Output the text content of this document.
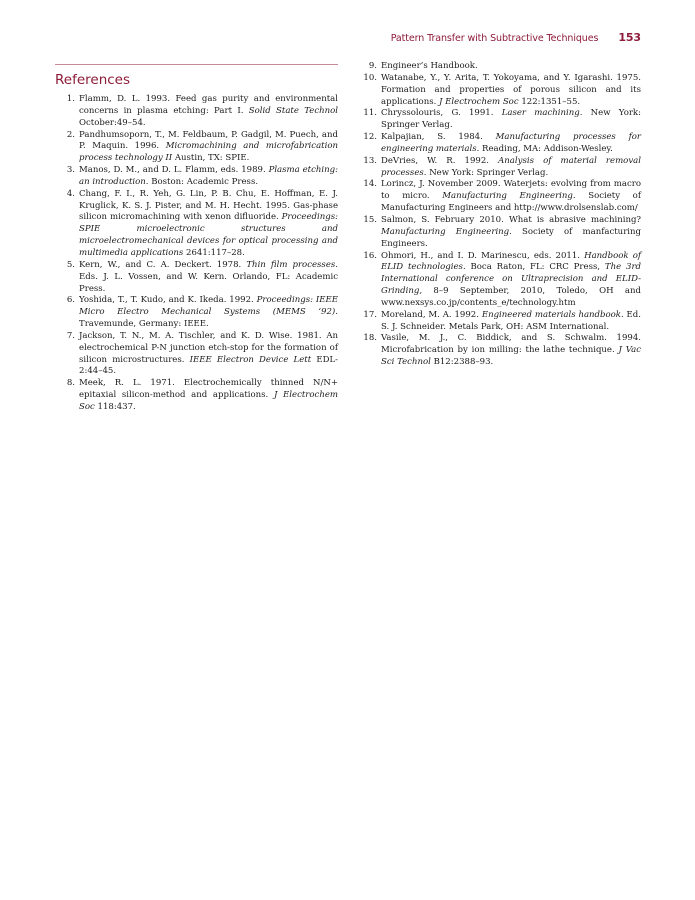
Pattern Transfer with Subtractive Techniques 153
References
1. Flamm, D. L. 1993. Feed gas purity and environmental concerns in plasma etching: Part I. Solid State Technol October:49–54.
2. Pandhumsoporn, T., M. Feldbaum, P. Gadgil, M. Puech, and P. Maquin. 1996. Micromachining and microfabrication process technology II Austin, TX: SPIE.
3. Manos, D. M., and D. L. Flamm, eds. 1989. Plasma etching: an introduction. Boston: Academic Press.
4. Chang, F. I., R. Yeh, G. Lin, P. B. Chu, E. Hoffman, E. J. Kruglick, K. S. J. Pister, and M. H. Hecht. 1995. Gas-phase silicon micromachining with xenon difluoride. Proceedings: SPIE microelectronic structures and microelectromechanical devices for optical processing and multimedia applications 2641:117–28.
5. Kern, W., and C. A. Deckert. 1978. Thin film processes. Eds. J. L. Vossen, and W. Kern. Orlando, FL: Academic Press.
6. Yoshida, T., T. Kudo, and K. Ikeda. 1992. Proceedings: IEEE Micro Electro Mechanical Systems (MEMS ‘92). Travemunde, Germany: IEEE.
7. Jackson, T. N., M. A. Tischler, and K. D. Wise. 1981. An electrochemical P-N junction etch-stop for the formation of silicon microstructures. IEEE Electron Device Lett EDL-2:44–45.
8. Meek, R. L. 1971. Electrochemically thinned N/N+ epitaxial silicon-method and applications. J Electrochem Soc 118:437.
9. Engineer’s Handbook.
10. Watanabe, Y., Y. Arita, T. Yokoyama, and Y. Igarashi. 1975. Formation and properties of porous silicon and its applications. J Electrochem Soc 122:1351–55.
11. Chryssolouris, G. 1991. Laser machining. New York: Springer Verlag.
12. Kalpajian, S. 1984. Manufacturing processes for engineering materials. Reading, MA: Addison-Wesley.
13. DeVries, W. R. 1992. Analysis of material removal processes. New York: Springer Verlag.
14. Lorincz, J. November 2009. Waterjets: evolving from macro to micro. Manufacturing Engineering. Society of Manufacturing Engineers and http://www.drolsenslab.com/
15. Salmon, S. February 2010. What is abrasive machining? Manufacturing Engineering. Society of manfacturing Engineers.
16. Ohmori, H., and I. D. Marinescu, eds. 2011. Handbook of ELID technologies. Boca Raton, FL: CRC Press, The 3rd International conference on Ultraprecision and ELID-Grinding, 8–9 September, 2010, Toledo, OH and www.nexsys.co.jp/contents_e/technology.htm
17. Moreland, M. A. 1992. Engineered materials handbook. Ed. S. J. Schneider. Metals Park, OH: ASM International.
18. Vasile, M. J., C. Biddick, and S. Schwalm. 1994. Microfabrication by ion milling: the lathe technique. J Vac Sci Technol B12:2388–93.
